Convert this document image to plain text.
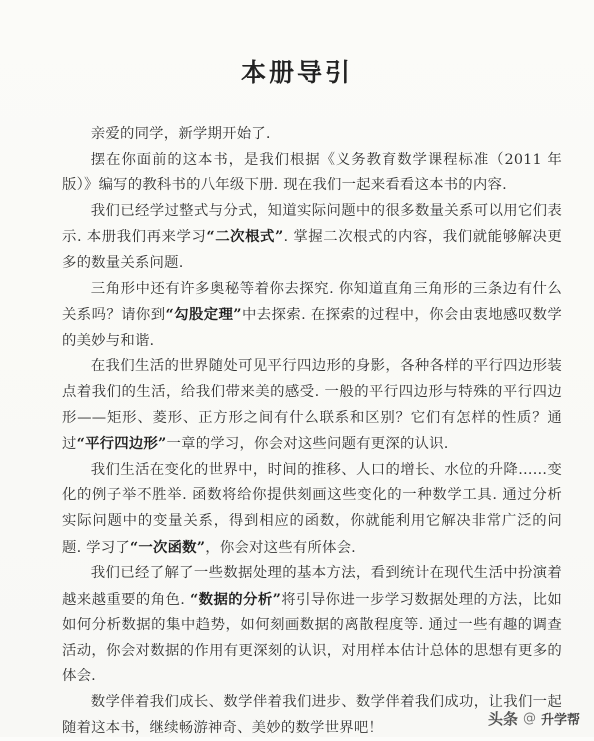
本册导引

亲爱的同学，新学期开始了.

摆在你面前的这本书，是我们根据《义务教育数学课程标准（2011 年版）》编写的教科书的八年级下册. 现在我们一起来看看这本书的内容.

我们已经学过整式与分式，知道实际问题中的很多数量关系可以用它们表示. 本册我们再来学习“二次根式”. 掌握二次根式的内容，我们就能够解决更多的数量关系问题.

三角形中还有许多奥秘等着你去探究. 你知道直角三角形的三条边有什么关系吗？请你到“勾股定理”中去探索. 在探索的过程中，你会由衷地感叹数学的美妙与和谐.

在我们生活的世界随处可见平行四边形的身影，各种各样的平行四边形装点着我们的生活，给我们带来美的感受. 一般的平行四边形与特殊的平行四边形——矩形、菱形、正方形之间有什么联系和区别？它们有怎样的性质？通过“平行四边形”一章的学习，你会对这些问题有更深的认识.

我们生活在变化的世界中，时间的推移、人口的增长、水位的升降……变化的例子举不胜举. 函数将给你提供刻画这些变化的一种数学工具. 通过分析实际问题中的变量关系，得到相应的函数，你就能利用它解决非常广泛的问题. 学习了“一次函数”，你会对这些有所体会.

我们已经了解了一些数据处理的基本方法，看到统计在现代生活中扮演着越来越重要的角色. “数据的分析”将引导你进一步学习数据处理的方法，比如如何分析数据的集中趋势，如何刻画数据的离散程度等. 通过一些有趣的调查活动，你会对数据的作用有更深刻的认识，对用样本估计总体的思想有更多的体会.

数学伴着我们成长、数学伴着我们进步、数学伴着我们成功，让我们一起随着这本书，继续畅游神奇、美妙的数学世界吧！	头条 @ 升学帮
